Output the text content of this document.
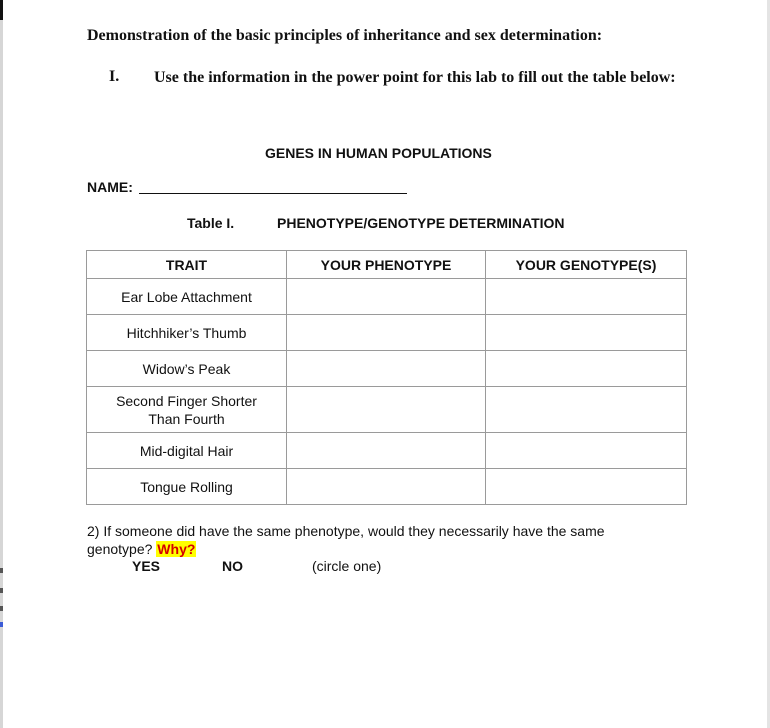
Demonstration of the basic principles of inheritance and sex determination:
I. Use the information in the power point for this lab to fill out the table below:
GENES IN HUMAN POPULATIONS
NAME:
Table I.	PHENOTYPE/GENOTYPE DETERMINATION
TRAIT	YOUR PHENOTYPE	YOUR GENOTYPE(S)
Ear Lobe Attachment		
Hitchhiker’s Thumb		
Widow’s Peak		
Second Finger Shorter Than Fourth		
Mid-digital Hair		
Tongue Rolling		
2) If someone did have the same phenotype, would they necessarily have the same genotype? Why?
YES	NO	(circle one)
